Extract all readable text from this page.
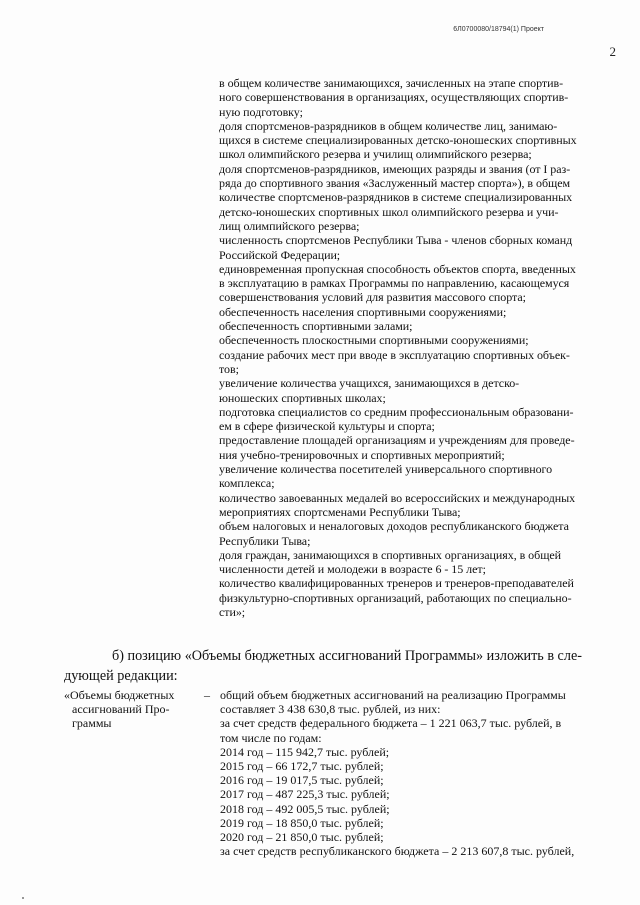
6Л0700080/18794(1) Проект
2

в общем количестве занимающихся, зачисленных на этапе спортив-

ного совершенствования в организациях, осуществляющих спортив-

ную подготовку;

доля спортсменов-разрядников в общем количестве лиц, занимаю-

щихся в системе специализированных детско-юношеских спортивных

школ олимпийского резерва и училищ олимпийского резерва;

доля спортсменов-разрядников, имеющих разряды и звания (от I раз-

ряда до спортивного звания «Заслуженный мастер спорта»), в общем

количестве спортсменов-разрядников в системе специализированных

детско-юношеских спортивных школ олимпийского резерва и учи-

лищ олимпийского резерва;

численность спортсменов Республики Тыва - членов сборных команд

Российской Федерации;

единовременная пропускная способность объектов спорта, введенных

в эксплуатацию в рамках Программы по направлению, касающемуся

совершенствования условий для развития массового спорта;

обеспеченность населения спортивными сооружениями;

обеспеченность спортивными залами;

обеспеченность плоскостными спортивными сооружениями;

создание рабочих мест при вводе в эксплуатацию спортивных объек-

тов;

увеличение количества учащихся, занимающихся в детско-

юношеских спортивных школах;

подготовка специалистов со средним профессиональным образовани-

ем в сфере физической культуры и спорта;

предоставление площадей организациям и учреждениям для проведе-

ния учебно-тренировочных и спортивных мероприятий;

увеличение количества посетителей универсального спортивного

комплекса;

количество завоеванных медалей во всероссийских и международных

мероприятиях спортсменами Республики Тыва;

объем налоговых и неналоговых доходов республиканского бюджета

Республики Тыва;

доля граждан, занимающихся в спортивных организациях, в общей

численности детей и молодежи в возрасте 6 - 15 лет;

количество квалифицированных тренеров и тренеров-преподавателей

физкультурно-спортивных организаций, работающих по специально-

сти»;

б) позицию «Объемы бюджетных ассигнований Программы» изложить в сле-

дующей редакции:

«Объемы бюджетных

ассигнований Про-

граммы

– общий объем бюджетных ассигнований на реализацию Программы

составляет 3 438 630,8 тыс. рублей, из них:

за счет средств федерального бюджета – 1 221 063,7 тыс. рублей, в

том числе по годам:

2014 год – 115 942,7 тыс. рублей;

2015 год – 66 172,7 тыс. рублей;

2016 год – 19 017,5 тыс. рублей;

2017 год – 487 225,3 тыс. рублей;

2018 год – 492 005,5 тыс. рублей;

2019 год – 18 850,0 тыс. рублей;

2020 год – 21 850,0 тыс. рублей;

за счет средств республиканского бюджета – 2 213 607,8 тыс. рублей,
